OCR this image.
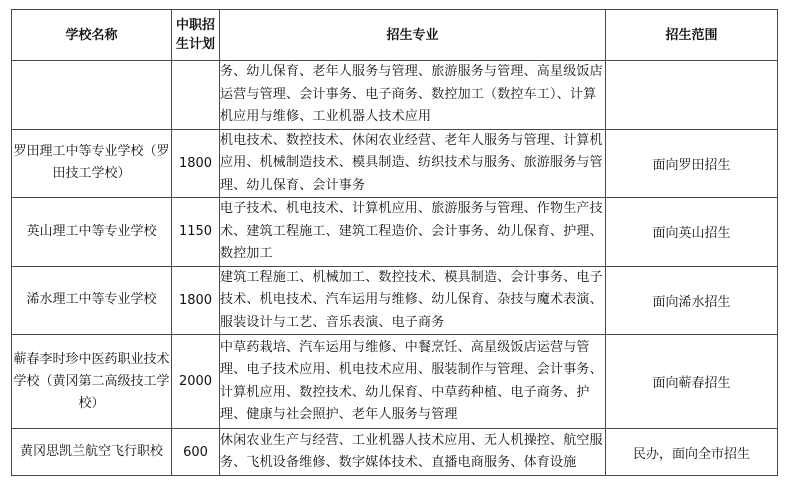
学校名称	中职招生计划	招生专业	招生范围
		务、幼儿保育、老年人服务与管理、旅游服务与管理、高星级饭店运营与管理、会计事务、电子商务、数控加工（数控车工）、计算机应用与维修、工业机器人技术应用	
罗田理工中等专业学校（罗田技工学校）	1800	机电技术、数控技术、休闲农业经营、老年人服务与管理、计算机应用、机械制造技术、模具制造、纺织技术与服务、旅游服务与管理、幼儿保育、会计事务	面向罗田招生
英山理工中等专业学校	1150	电子技术、机电技术、计算机应用、旅游服务与管理、作物生产技术、建筑工程施工、建筑工程造价、会计事务、幼儿保育、护理、数控加工	面向英山招生
浠水理工中等专业学校	1800	建筑工程施工、机械加工、数控技术、模具制造、会计事务、电子技术、机电技术、汽车运用与维修、幼儿保育、杂技与魔术表演、服装设计与工艺、音乐表演、电子商务	面向浠水招生
蕲春李时珍中医药职业技术学校（黄冈第二高级技工学校）	2000	中草药栽培、汽车运用与维修、中餐烹饪、高星级饭店运营与管理、电子技术应用、机电技术应用、服装制作与管理、会计事务、计算机应用、数控技术、幼儿保育、中草药种植、电子商务、护理、健康与社会照护、老年人服务与管理	面向蕲春招生
黄冈思凯兰航空飞行职校	600	休闲农业生产与经营、工业机器人技术应用、无人机操控、航空服务、飞机设备维修、数字媒体技术、直播电商服务、体育设施	民办，面向全市招生
